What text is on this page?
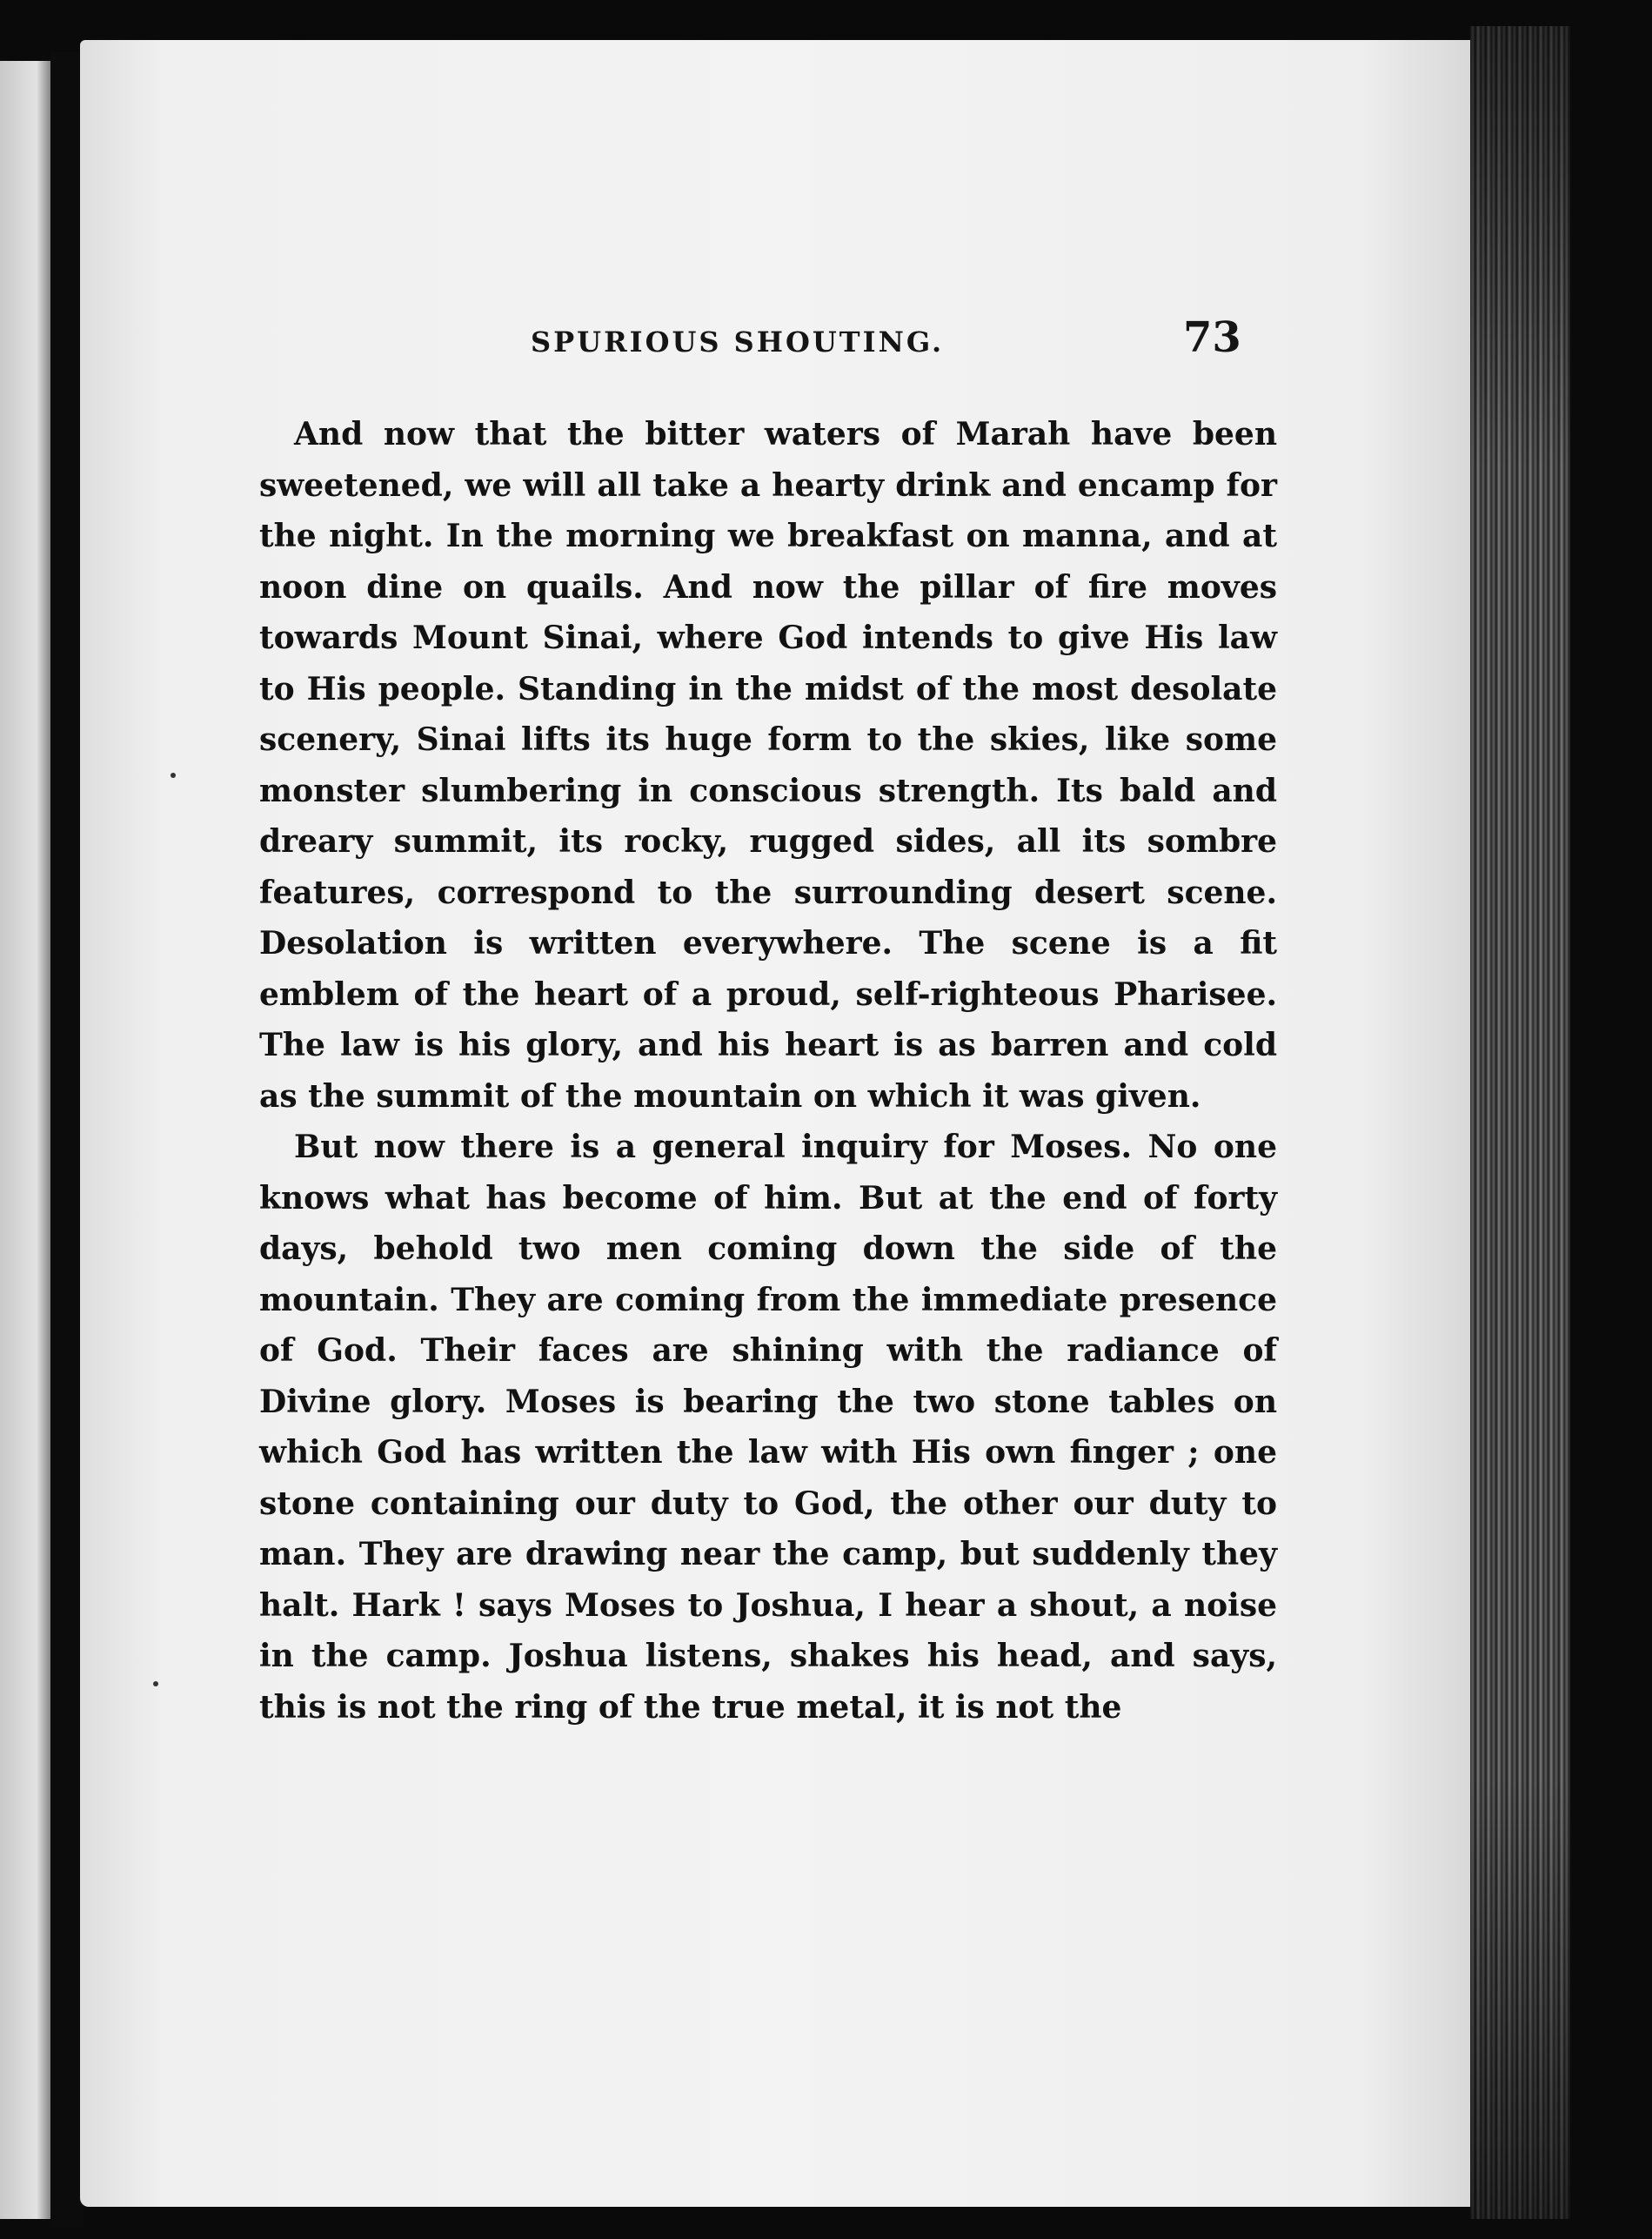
SPURIOUS SHOUTING.	73

And now that the bitter waters of Marah have been sweetened, we will all take a hearty drink and encamp for the night. In the morning we breakfast on manna, and at noon dine on quails. And now the pillar of fire moves towards Mount Sinai, where God intends to give His law to His people. Standing in the midst of the most desolate scenery, Sinai lifts its huge form to the skies, like some monster slumbering in conscious strength. Its bald and dreary summit, its rocky, rugged sides, all its sombre features, correspond to the surrounding desert scene. Desolation is written everywhere. The scene is a fit emblem of the heart of a proud, self-righteous Pharisee. The law is his glory, and his heart is as barren and cold as the summit of the mountain on which it was given.

But now there is a general inquiry for Moses. No one knows what has become of him. But at the end of forty days, behold two men coming down the side of the mountain. They are coming from the immediate presence of God. Their faces are shining with the radiance of Divine glory. Moses is bearing the two stone tables on which God has written the law with His own finger ; one stone containing our duty to God, the other our duty to man. They are drawing near the camp, but suddenly they halt. Hark ! says Moses to Joshua, I hear a shout, a noise in the camp. Joshua listens, shakes his head, and says, this is not the ring of the true metal, it is not the
